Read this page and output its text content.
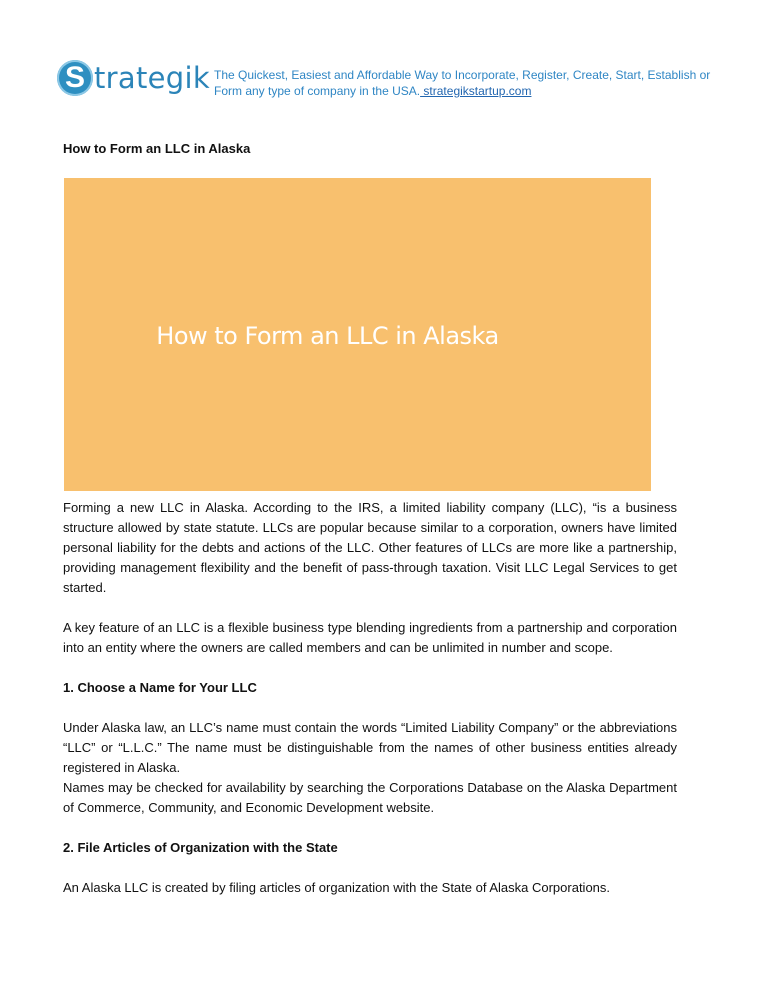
S trategik The Quickest, Easiest and Affordable Way to Incorporate, Register, Create, Start, Establish or Form any type of company in the USA. strategikstartup.com
How to Form an LLC in Alaska
How to Form an LLC in Alaska

Forming a new LLC in Alaska. According to the IRS, a limited liability company (LLC), “is a business structure allowed by state statute. LLCs are popular because similar to a corporation, owners have limited personal liability for the debts and actions of the LLC. Other features of LLCs are more like a partnership, providing management flexibility and the benefit of pass-through taxation. Visit LLC Legal Services to get started.

A key feature of an LLC is a flexible business type blending ingredients from a partnership and corporation into an entity where the owners are called members and can be unlimited in number and scope.

1. Choose a Name for Your LLC

Under Alaska law, an LLC’s name must contain the words “Limited Liability Company” or the abbreviations “LLC” or “L.L.C.” The name must be distinguishable from the names of other business entities already registered in Alaska.

Names may be checked for availability by searching the Corporations Database on the Alaska Department of Commerce, Community, and Economic Development website.

2. File Articles of Organization with the State

An Alaska LLC is created by filing articles of organization with the State of Alaska Corporations.
